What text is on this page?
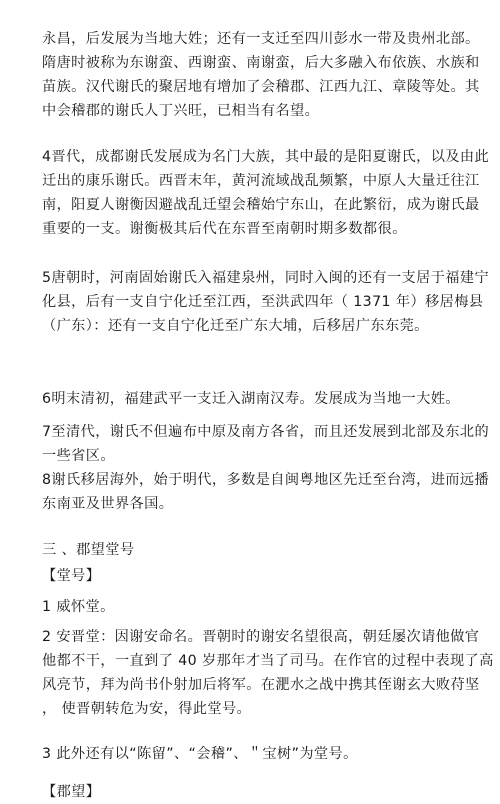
永昌，后发展为当地大姓；还有一支迁至四川彭水一带及贵州北部。
隋唐时被称为东谢蛮、西谢蛮、南谢蛮，后大多融入布依族、水族和
苗族。汉代谢氏的聚居地有增加了会稽郡、江西九江、章陵等处。其
中会稽郡的谢氏人丁兴旺，已相当有名望。
4晋代，成都谢氏发展成为名门大族，其中最的是阳夏谢氏，以及由此
迁出的康乐谢氏。西晋末年，黄河流域战乱频繁，中原人大量迁往江
南，阳夏人谢衡因避战乱迁望会稽始宁东山，在此繁衍，成为谢氏最
重要的一支。谢衡极其后代在东晋至南朝时期多数都很。
5唐朝时，河南固始谢氏入福建泉州，同时入闽的还有一支居于福建宁
化县，后有一支自宁化迁至江西，至洪武四年（ 1371 年）移居梅县
（广东）：还有一支自宁化迁至广东大埔，后移居广东东莞。
6明末清初，福建武平一支迁入湖南汉寿。发展成为当地一大姓。
7至清代，谢氏不但遍布中原及南方各省，而且还发展到北部及东北的
一些省区。
8谢氏移居海外，始于明代，多数是自闽粤地区先迁至台湾，进而远播
东南亚及世界各国。
三 、郡望堂号
【堂号】
1 威怀堂。
2 安晋堂：因谢安命名。晋朝时的谢安名望很高，朝廷屡次请他做官
他都不干，一直到了 40 岁那年才当了司马。在作官的过程中表现了高
风亮节，拜为尚书仆射加后将军。在淝水之战中携其侄谢玄大败苻坚
， 使晋朝转危为安，得此堂号。
3 此外还有以“陈留”、“会稽”、＂宝树”为堂号。
【郡望】
